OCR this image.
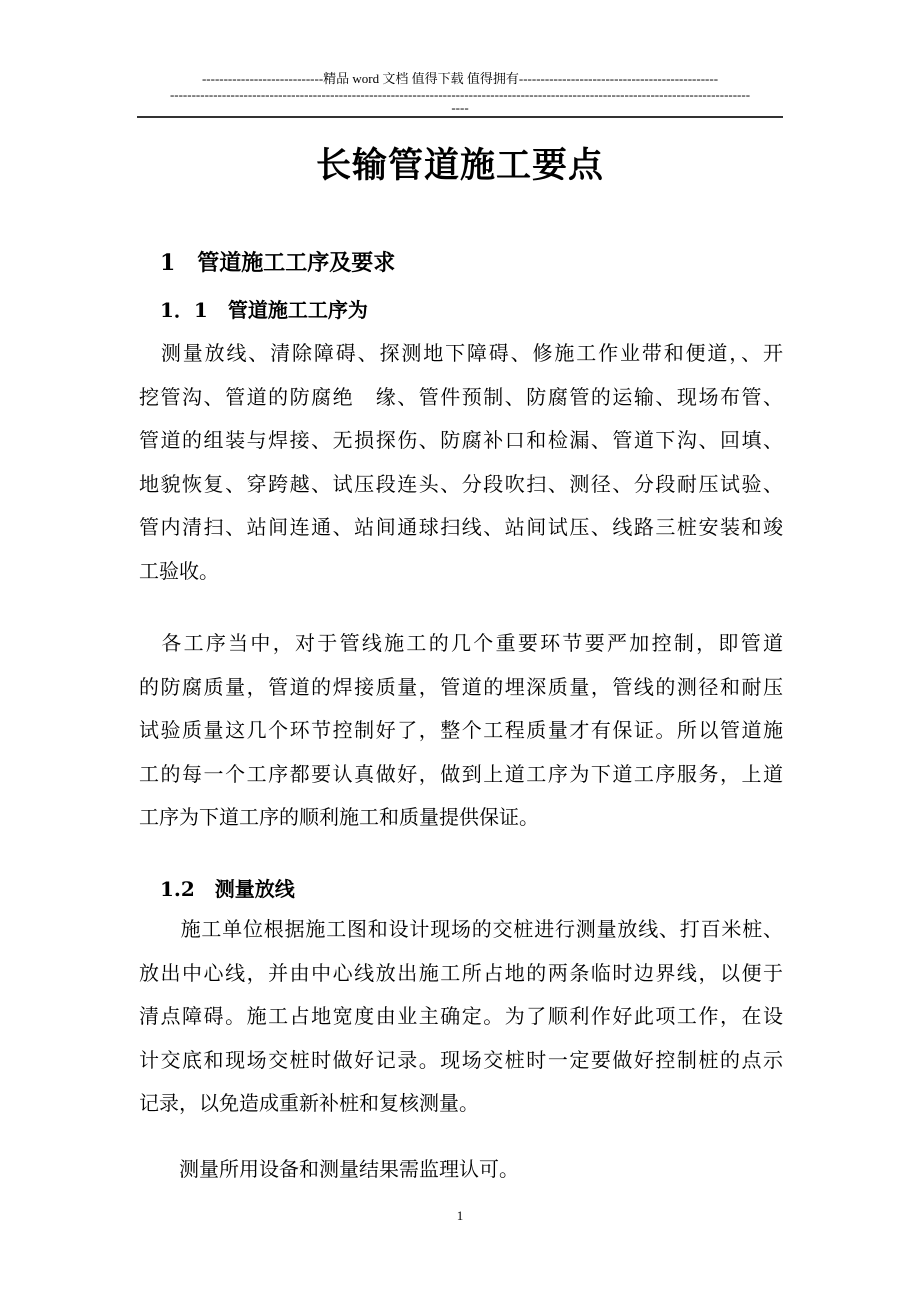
----------------------------精品 word 文档 值得下载 值得拥有----------------------------------------------
--------------------------------------------------------------------------------------------------------------------------------------
----
zixin.com.cn
长输管道施工要点
1　管道施工工序及要求
1．1　管道施工工序为
　测量放线、清除障碍、探测地下障碍、修施工作业带和便道，、开
挖管沟、管道的防腐绝　缘、管件预制、防腐管的运输、现场布管、
管道的组装与焊接、无损探伤、防腐补口和检漏、管道下沟、回填、
地貌恢复、穿跨越、试压段连头、分段吹扫、测径、分段耐压试验、
管内清扫、站间连通、站间通球扫线、站间试压、线路三桩安装和竣
工验收。
　各工序当中，对于管线施工的几个重要环节要严加控制，即管道
的防腐质量，管道的焊接质量，管道的埋深质量，管线的测径和耐压
试验质量这几个环节控制好了，整个工程质量才有保证。所以管道施
工的每一个工序都要认真做好，做到上道工序为下道工序服务，上道
工序为下道工序的顺利施工和质量提供保证。
1.2　测量放线
　　施工单位根据施工图和设计现场的交桩进行测量放线、打百米桩、
放出中心线，并由中心线放出施工所占地的两条临时边界线，以便于
清点障碍。施工占地宽度由业主确定。为了顺利作好此项工作，在设
计交底和现场交桩时做好记录。现场交桩时一定要做好控制桩的点示
记录，以免造成重新补桩和复核测量。
　　测量所用设备和测量结果需监理认可。
1
